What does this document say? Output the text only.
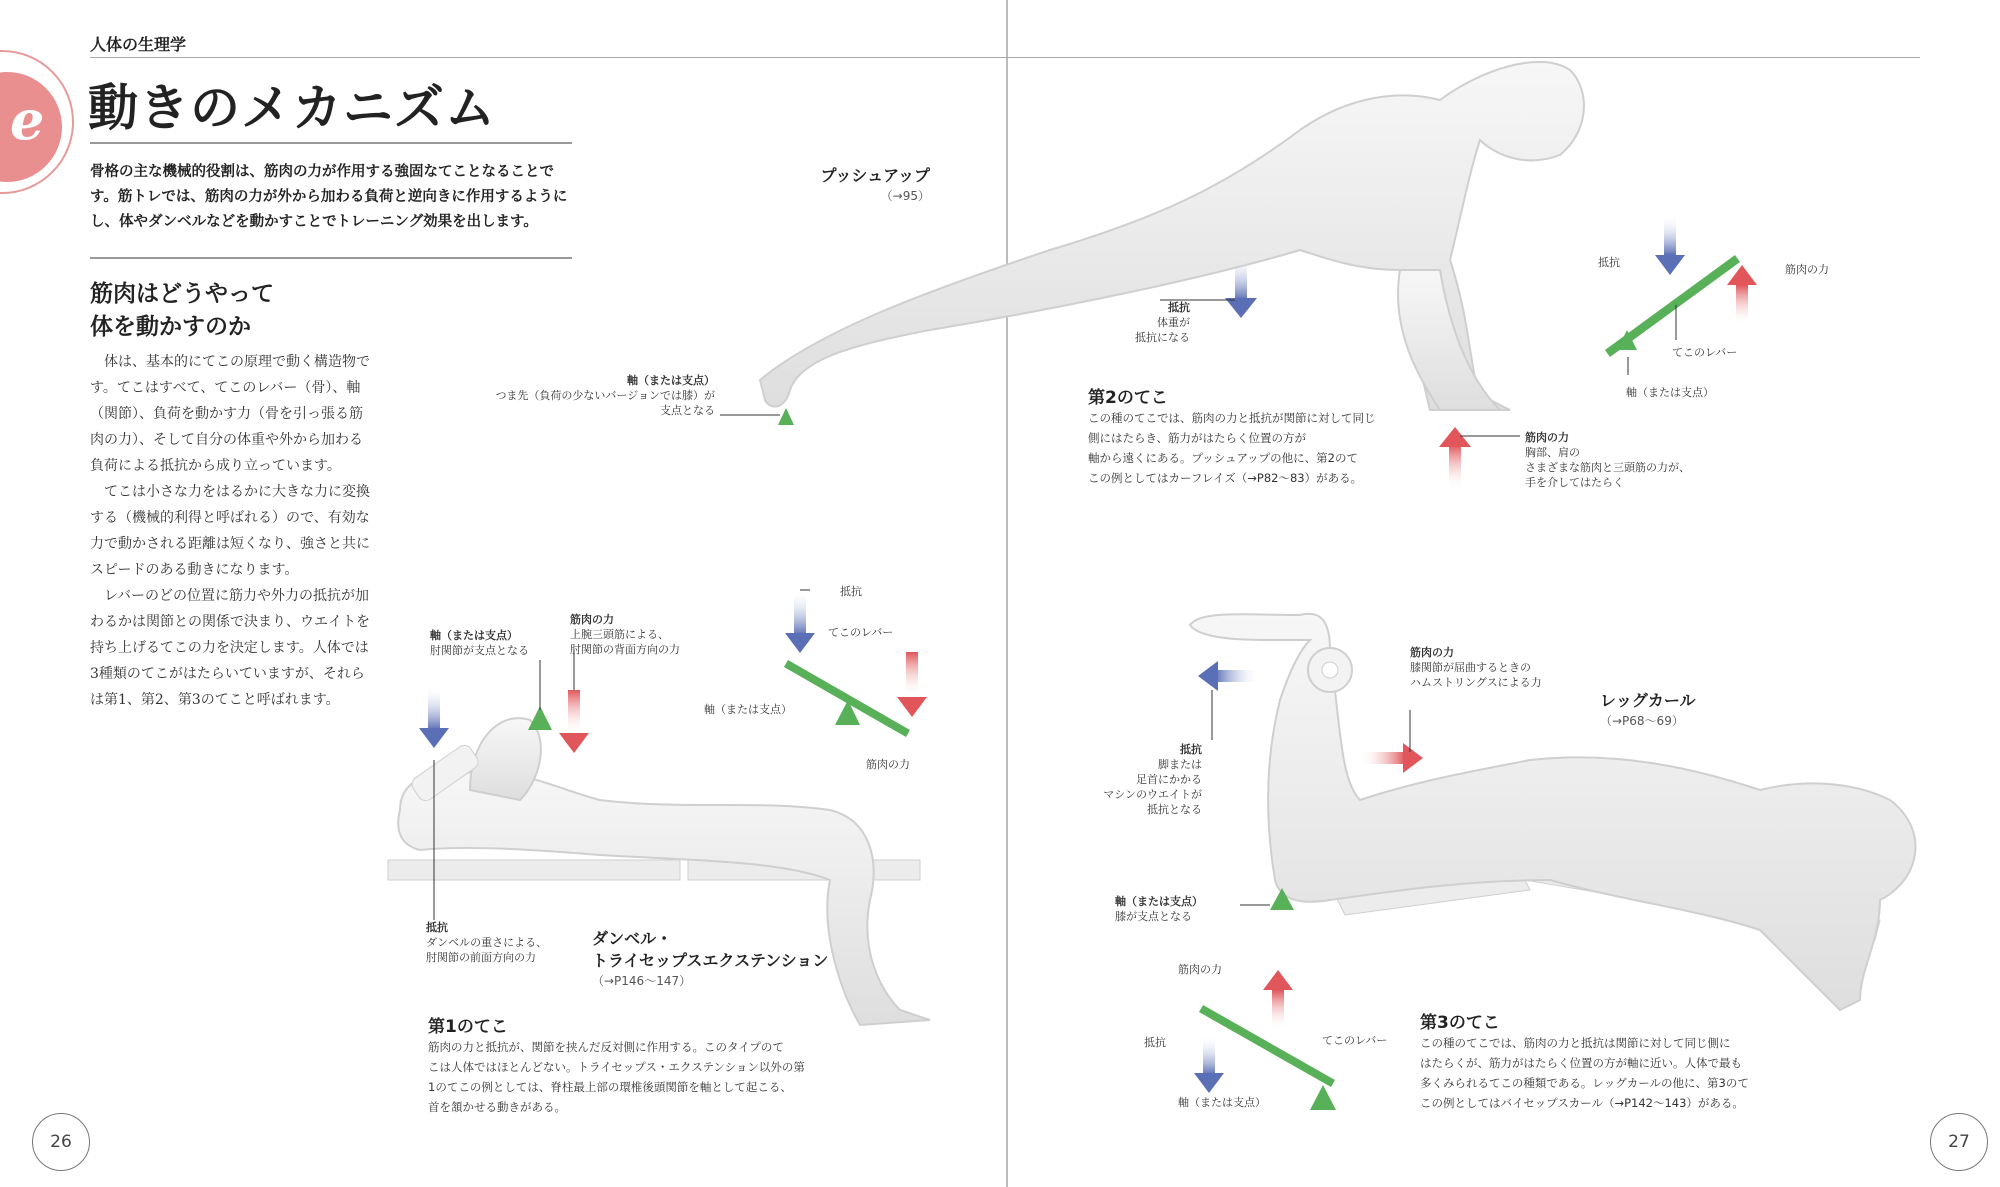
人体の生理学
e 動きのメカニズム
骨格の主な機械的役割は、筋肉の力が作用する強固なてことなることです。筋トレでは、筋肉の力が外から加わる負荷と逆向きに作用するようにし、体やダンベルなどを動かすことでトレーニング効果を出します。
筋肉はどうやって
体を動かすのか
体は、基本的にてこの原理で動く構造物です。てこはすべて、てこのレバー（骨）、軸（関節）、負荷を動かす力（骨を引っ張る筋肉の力）、そして自分の体重や外から加わる負荷による抵抗から成り立っています。
てこは小さな力をはるかに大きな力に変換する（機械的利得と呼ばれる）ので、有効な力で動かされる距離は短くなり、強さと共にスピードのある動きになります。
レバーのどの位置に筋力や外力の抵抗が加わるかは関節との関係で決まり、ウエイトを持ち上げるてこの力を決定します。人体では3種類のてこがはたらいていますが、それらは第1、第2、第3のてこと呼ばれます。
26	27
プッシュアップ
（→95）
軸（または支点）
つま先（負荷の少ないバージョンでは膝）が
支点となる
抵抗
体重が
抵抗になる
筋肉の力
胸部、肩の
さまざまな筋肉と三頭筋の力が、
手を介してはたらく
第2のてこ
この種のてこでは、筋肉の力と抵抗が関節に対して同じ側にはたらき、筋力がはたらく位置の方が
軸から遠くにある。プッシュアップの他に、第2のて
この例としてはカーフレイズ（→P82〜83）がある。
抵抗
筋肉の力
てこのレバー
軸（または支点）
軸（または支点）
肘関節が支点となる
筋肉の力
上腕三頭筋による、
肘関節の背面方向の力
抵抗
ダンベルの重さによる、
肘関節の前面方向の力
ダンベル・
トライセップスエクステンション
（→P146〜147）
抵抗
てこのレバー
軸（または支点）
筋肉の力
第1のてこ
筋肉の力と抵抗が、関節を挟んだ反対側に作用する。このタイプのて
こは人体ではほとんどない。トライセップス・エクステンション以外の第
1のてこの例としては、脊柱最上部の環椎後頭関節を軸として起こる、
首を頷かせる動きがある。
筋肉の力
膝関節が屈曲するときの
ハムストリングスによる力
レッグカール
（→P68〜69）
抵抗
脚または
足首にかかる
マシンのウエイトが
抵抗となる
軸（または支点）
膝が支点となる
筋肉の力
抵抗	てこのレバー
軸（または支点）
第3のてこ
この種のてこでは、筋肉の力と抵抗は関節に対して同じ側に
はたらくが、筋力がはたらく位置の方が軸に近い。人体で最も
多くみられるてこの種類である。レッグカールの他に、第3のて
この例としてはバイセップスカール（→P142〜143）がある。
